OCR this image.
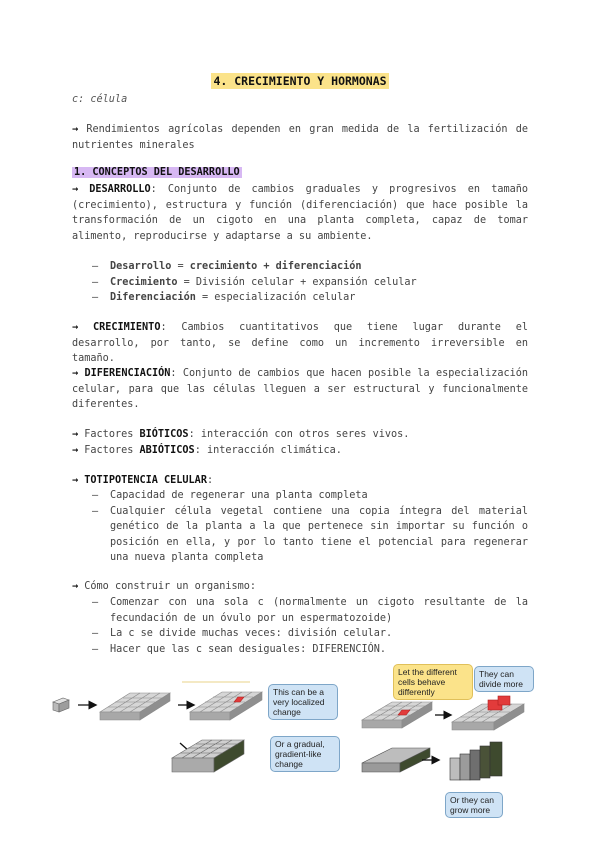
4. CRECIMIENTO Y HORMONAS
c: célula
→ Rendimientos agrícolas dependen en gran medida de la fertilización de nutrientes minerales
1. CONCEPTOS DEL DESARROLLO
→ DESARROLLO: Conjunto de cambios graduales y progresivos en tamaño (crecimiento), estructura y función (diferenciación) que hace posible la transformación de un cigoto en una planta completa, capaz de tomar alimento, reproducirse y adaptarse a su ambiente.
– Desarrollo = crecimiento + diferenciación
– Crecimiento = División celular + expansión celular
– Diferenciación = especialización celular
→ CRECIMIENTO: Cambios cuantitativos que tiene lugar durante el desarrollo, por tanto, se define como un incremento irreversible en tamaño.
→ DIFERENCIACIÓN: Conjunto de cambios que hacen posible la especialización celular, para que las células lleguen a ser estructural y funcionalmente diferentes.
→ Factores BIÓTICOS: interacción con otros seres vivos.
→ Factores ABIÓTICOS: interacción climática.
→ TOTIPOTENCIA CELULAR:
– Capacidad de regenerar una planta completa
– Cualquier célula vegetal contiene una copia íntegra del material genético de la planta a la que pertenece sin importar su función o posición en ella, y por lo tanto tiene el potencial para regenerar una nueva planta completa
→ Cómo construir un organismo:
– Comenzar con una sola c (normalmente un cigoto resultante de la fecundación de un óvulo por un espermatozoide)
– La c se divide muchas veces: división celular.
– Hacer que las c sean desiguales: DIFERENCIÓN.
This can be a very localized change
Or a gradual, gradient-like change
Let the different cells behave differently
They can divide more
Or they can grow more
